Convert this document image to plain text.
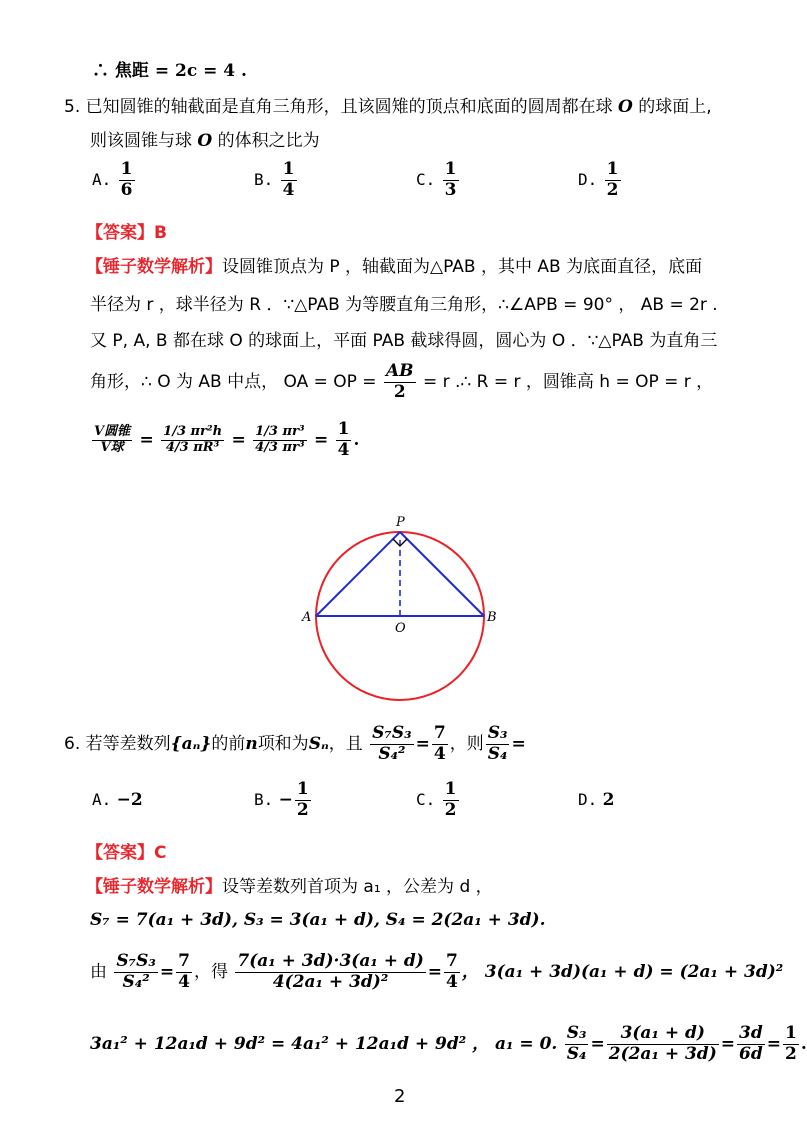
∴ 焦距 = 2c = 4 .
5. 已知圆锥的轴截面是直角三角形，且该圆雉的顶点和底面的圆周都在球 O 的球面上,
则该圆锥与球 O 的体积之比为
A. $\frac{1}{6}$	B. $\frac{1}{4}$	C. $\frac{1}{3}$	D. $\frac{1}{2}$
【答案】B
【锤子数学解析】设圆锥顶点为 P ，轴截面为△PAB ，其中 AB 为底面直径，底面
半径为 r ，球半径为 R ．∵△PAB 为等腰直角三角形，∴∠APB = 90° ， AB = 2r .
又 P, A, B 都在球 O 的球面上，平面 PAB 截球得圆，圆心为 O ．∵△PAB 为直角三
角形，∴ O 为 AB 中点， OA = OP = $\frac{AB}{2} = r$ .∴ R = r ，圆锥高 h = OP = r ，
$\frac{\text{V圆锥}}{\text{V球}} = \frac{\text{1/3 πr²h}}{\text{4/3 πR³}} = \frac{\text{1/3 πr³}}{\text{4/3 πr³}} = \frac{1}{4}$ .
P
A	B
O
6. 若等差数列{aₙ}的前n项和为Sₙ，且 $\frac{\text{S₇S₃}}{\text{S₄²}} = \frac{7}{4}$ ，则 $\frac{\text{S₃}}{\text{S₄}}$ =
A. −2	B. − $\frac{1}{2}$	C. $\frac{1}{2}$	D. 2
【答案】C
【锤子数学解析】设等差数列首项为 a₁ ，公差为 d ，
S₇ = 7(a₁ + 3d), S₃ = 3(a₁ + d), S₄ = 2(2a₁ + 3d).
由 $\frac{\text{S₇S₃}}{\text{S₄²}} = \frac{7}{4}$ ，得 $\frac{\text{7(a₁ + 3d)·3(a₁ + d)}}{\text{4(2a₁ + 3d)²}} = \frac{7}{4}$ ， 3(a₁ + 3d)(a₁ + d) = (2a₁ + 3d)²
3a₁² + 12a₁d + 9d² = 4a₁² + 12a₁d + 9d² ， a₁ = 0. $\frac{\text{S₃}}{\text{S₄}} = \frac{\text{3(a₁ + d)}}{\text{2(2a₁ + 3d)}} = \frac{3d}{6d} = \frac{1}{2}$ .
2
